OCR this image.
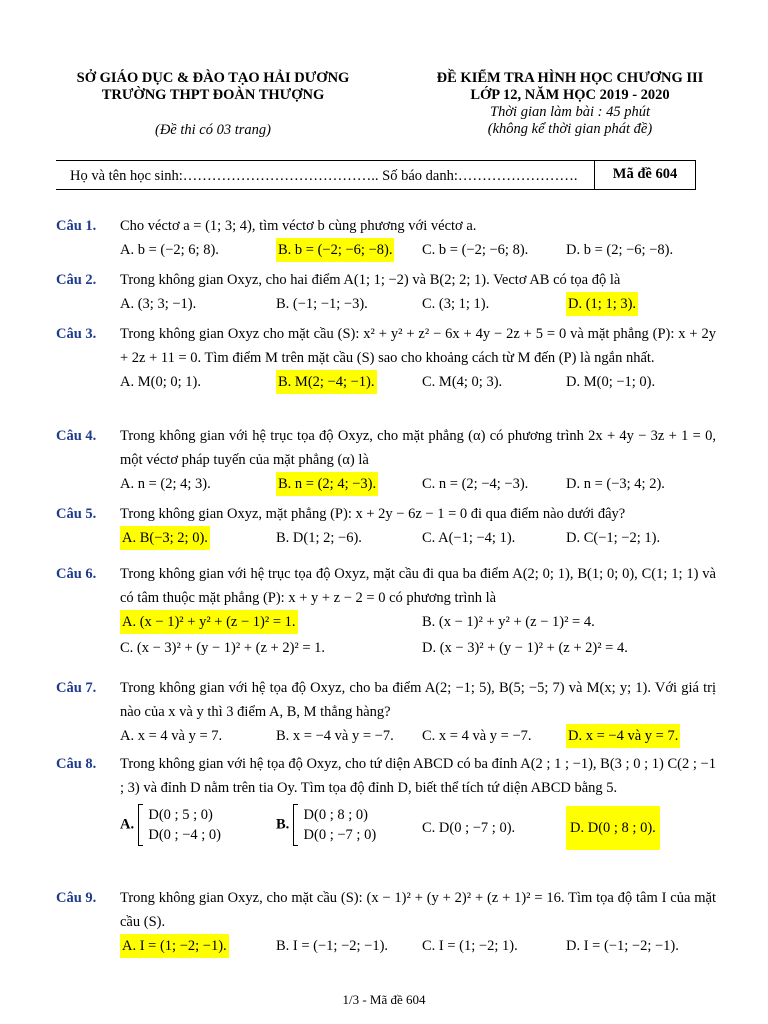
SỞ GIÁO DỤC & ĐÀO TẠO HẢI DƯƠNG
TRƯỜNG THPT ĐOÀN THƯỢNG
(Đề thi có 03 trang)
ĐỀ KIỂM TRA HÌNH HỌC CHƯƠNG III
LỚP 12, NĂM HỌC 2019 - 2020
Thời gian làm bài : 45 phút
(không kể thời gian phát đề)
Họ và tên học sinh:………………………………….. Số báo danh:…………………….	Mã đề 604
Câu 1.	Cho véctơ a = (1; 3; 4), tìm véctơ b cùng phương với véctơ a.
A. b = (−2; 6; 8).	B. b = (−2; −6; −8). C. b = (−2; −6; 8).	D. b = (2; −6; −8).
Câu 2.	Trong không gian Oxyz, cho hai điểm A(1; 1; −2) và B(2; 2; 1). Vectơ AB có tọa độ là
A. (3; 3; −1).	B. (−1; −1; −3).	C. (3; 1; 1).	D. (1; 1; 3).
Câu 3.	Trong không gian Oxyz cho mặt cầu (S): x² + y² + z² − 6x + 4y − 2z + 5 = 0 và mặt phẳng (P): x + 2y + 2z + 11 = 0. Tìm điểm M trên mặt cầu (S) sao cho khoảng cách từ M đến (P) là ngắn nhất.
A. M(0; 0; 1).	B. M(2; −4; −1).	C. M(4; 0; 3).	D. M(0; −1; 0).
Câu 4.	Trong không gian với hệ trục tọa độ Oxyz, cho mặt phẳng (α) có phương trình 2x + 4y − 3z + 1 = 0, một véctơ pháp tuyến của mặt phẳng (α) là
A. n = (2; 4; 3).	B. n = (2; 4; −3).	C. n = (2; −4; −3).	D. n = (−3; 4; 2).
Câu 5.	Trong không gian Oxyz, mặt phẳng (P): x + 2y − 6z − 1 = 0 đi qua điểm nào dưới đây?
A. B(−3; 2; 0).	B. D(1; 2; −6).	C. A(−1; −4; 1).	D. C(−1; −2; 1).
Câu 6.	Trong không gian với hệ trục tọa độ Oxyz, mặt cầu đi qua ba điểm A(2; 0; 1), B(1; 0; 0), C(1; 1; 1) và có tâm thuộc mặt phẳng (P): x + y + z − 2 = 0 có phương trình là
A. (x − 1)² + y² + (z − 1)² = 1.	B. (x − 1)² + y² + (z − 1)² = 4.
C. (x − 3)² + (y − 1)² + (z + 2)² = 1.	D. (x − 3)² + (y − 1)² + (z + 2)² = 4.
Câu 7.	Trong không gian với hệ tọa độ Oxyz, cho ba điểm A(2; −1; 5), B(5; −5; 7) và M(x; y; 1). Với giá trị nào của x và y thì 3 điểm A, B, M thẳng hàng?
A. x = 4 và y = 7.	B. x = −4 và y = −7. C. x = 4 và y = −7.	D. x = −4 và y = 7.
Câu 8.	Trong không gian với hệ tọa độ Oxyz, cho tứ diện ABCD có ba đỉnh A(2 ; 1 ; −1), B(3 ; 0 ; 1) C(2 ; −1 ; 3) và đỉnh D nằm trên tia Oy. Tìm tọa độ đỉnh D, biết thể tích tứ diện ABCD bằng 5.
A.  D(0 ; 5 ; 0)
D(0 ; −4 ; 0)
B.  D(0 ; 8 ; 0)
D(0 ; −7 ; 0)	C. D(0 ; −7 ; 0).	D. D(0 ; 8 ; 0).
Câu 9.	Trong không gian Oxyz, cho mặt cầu (S): (x − 1)² + (y + 2)² + (z + 1)² = 16. Tìm tọa độ tâm I của mặt cầu (S).
A. I = (1; −2; −1).	B. I = (−1; −2; −1). C. I = (1; −2; 1).	D. I = (−1; −2; −1).
1/3 - Mã đề 604
